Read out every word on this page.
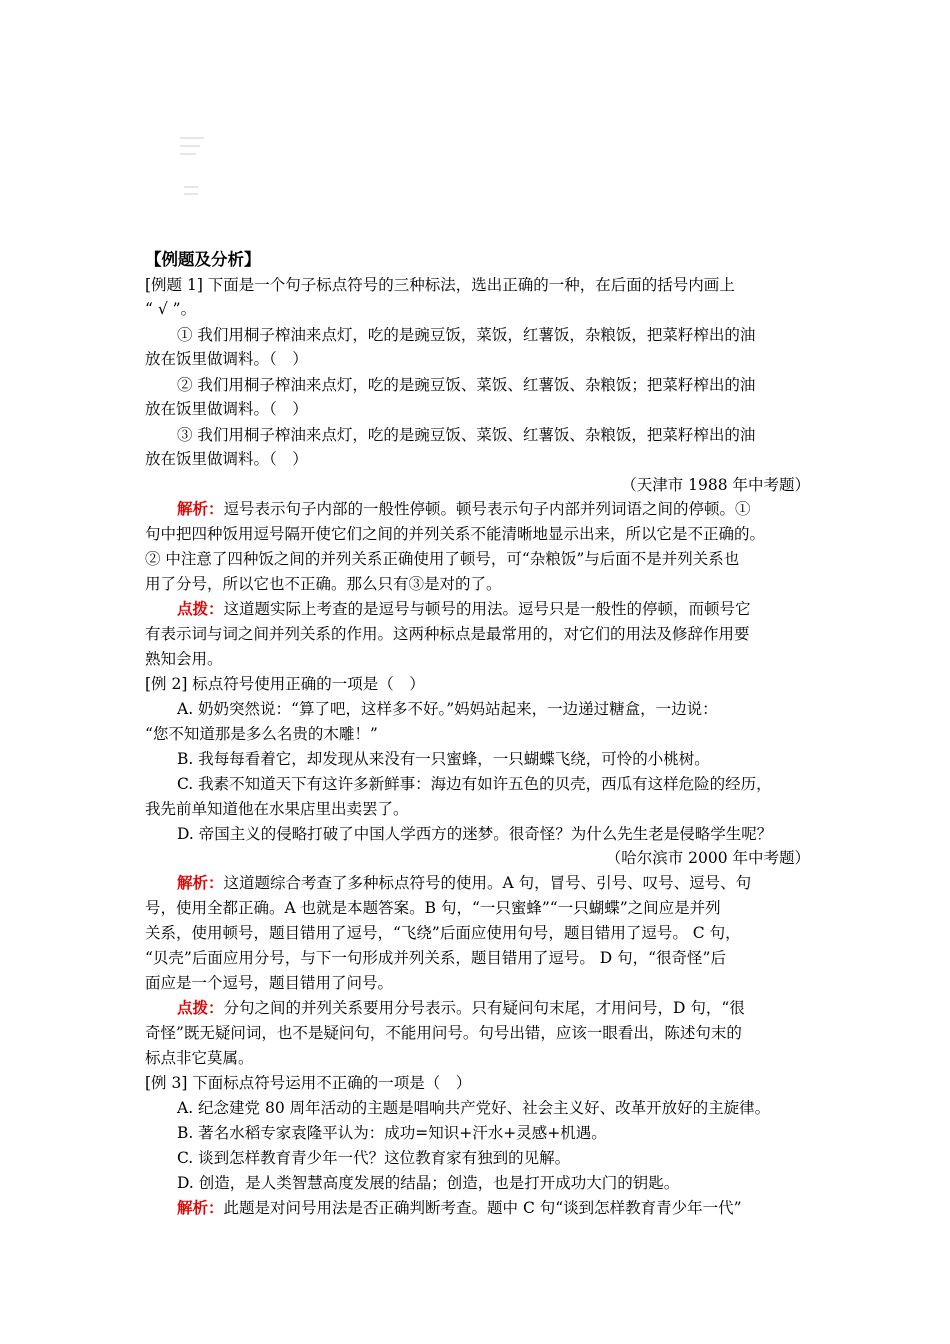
【例题及分析】
[例题 1] 下面是一个句子标点符号的三种标法，选出正确的一种，在后面的括号内画上
“ √ ”。
① 我们用桐子榨油来点灯，吃的是豌豆饭，菜饭，红薯饭，杂粮饭，把菜籽榨出的油
放在饭里做调料。（　）
② 我们用桐子榨油来点灯，吃的是豌豆饭、菜饭、红薯饭、杂粮饭；把菜籽榨出的油
放在饭里做调料。（　）
③ 我们用桐子榨油来点灯，吃的是豌豆饭、菜饭、红薯饭、杂粮饭，把菜籽榨出的油
放在饭里做调料。（　）
（天津市 1988 年中考题）
解析：逗号表示句子内部的一般性停顿。顿号表示句子内部并列词语之间的停顿。①
句中把四种饭用逗号隔开使它们之间的并列关系不能清晰地显示出来，所以它是不正确的。
② 中注意了四种饭之间的并列关系正确使用了顿号，可“杂粮饭”与后面不是并列关系也
用了分号，所以它也不正确。那么只有③是对的了。
点拨：这道题实际上考查的是逗号与顿号的用法。逗号只是一般性的停顿，而顿号它
有表示词与词之间并列关系的作用。这两种标点是最常用的，对它们的用法及修辞作用要
熟知会用。
[例 2] 标点符号使用正确的一项是（　）
A. 奶奶突然说：“算了吧，这样多不好。”妈妈站起来，一边递过糖盒，一边说：
“您不知道那是多么名贵的木雕！”
B. 我每每看着它，却发现从来没有一只蜜蜂，一只蝴蝶飞绕，可怜的小桃树。
C. 我素不知道天下有这许多新鲜事：海边有如许五色的贝壳，西瓜有这样危险的经历，
我先前单知道他在水果店里出卖罢了。
D. 帝国主义的侵略打破了中国人学西方的迷梦。很奇怪？为什么先生老是侵略学生呢？
（哈尔滨市 2000 年中考题）
解析：这道题综合考查了多种标点符号的使用。A 句，冒号、引号、叹号、逗号、句
号，使用全都正确。A 也就是本题答案。B 句，“一只蜜蜂”“一只蝴蝶”之间应是并列
关系，使用顿号，题目错用了逗号，“飞绕”后面应使用句号，题目错用了逗号。 C 句，
“贝壳”后面应用分号，与下一句形成并列关系，题目错用了逗号。 D 句，“很奇怪”后
面应是一个逗号，题目错用了问号。
点拨：分句之间的并列关系要用分号表示。只有疑问句末尾，才用问号，D 句，“很
奇怪”既无疑问词，也不是疑问句，不能用问号。句号出错，应该一眼看出，陈述句末的
标点非它莫属。
[例 3] 下面标点符号运用不正确的一项是（　）
A. 纪念建党 80 周年活动的主题是唱响共产党好、社会主义好、改革开放好的主旋律。
B. 著名水稻专家袁隆平认为：成功=知识+汗水+灵感+机遇。
C. 谈到怎样教育青少年一代？这位教育家有独到的见解。
D. 创造，是人类智慧高度发展的结晶；创造，也是打开成功大门的钥匙。
解析：此题是对问号用法是否正确判断考查。题中 C 句“谈到怎样教育青少年一代”
